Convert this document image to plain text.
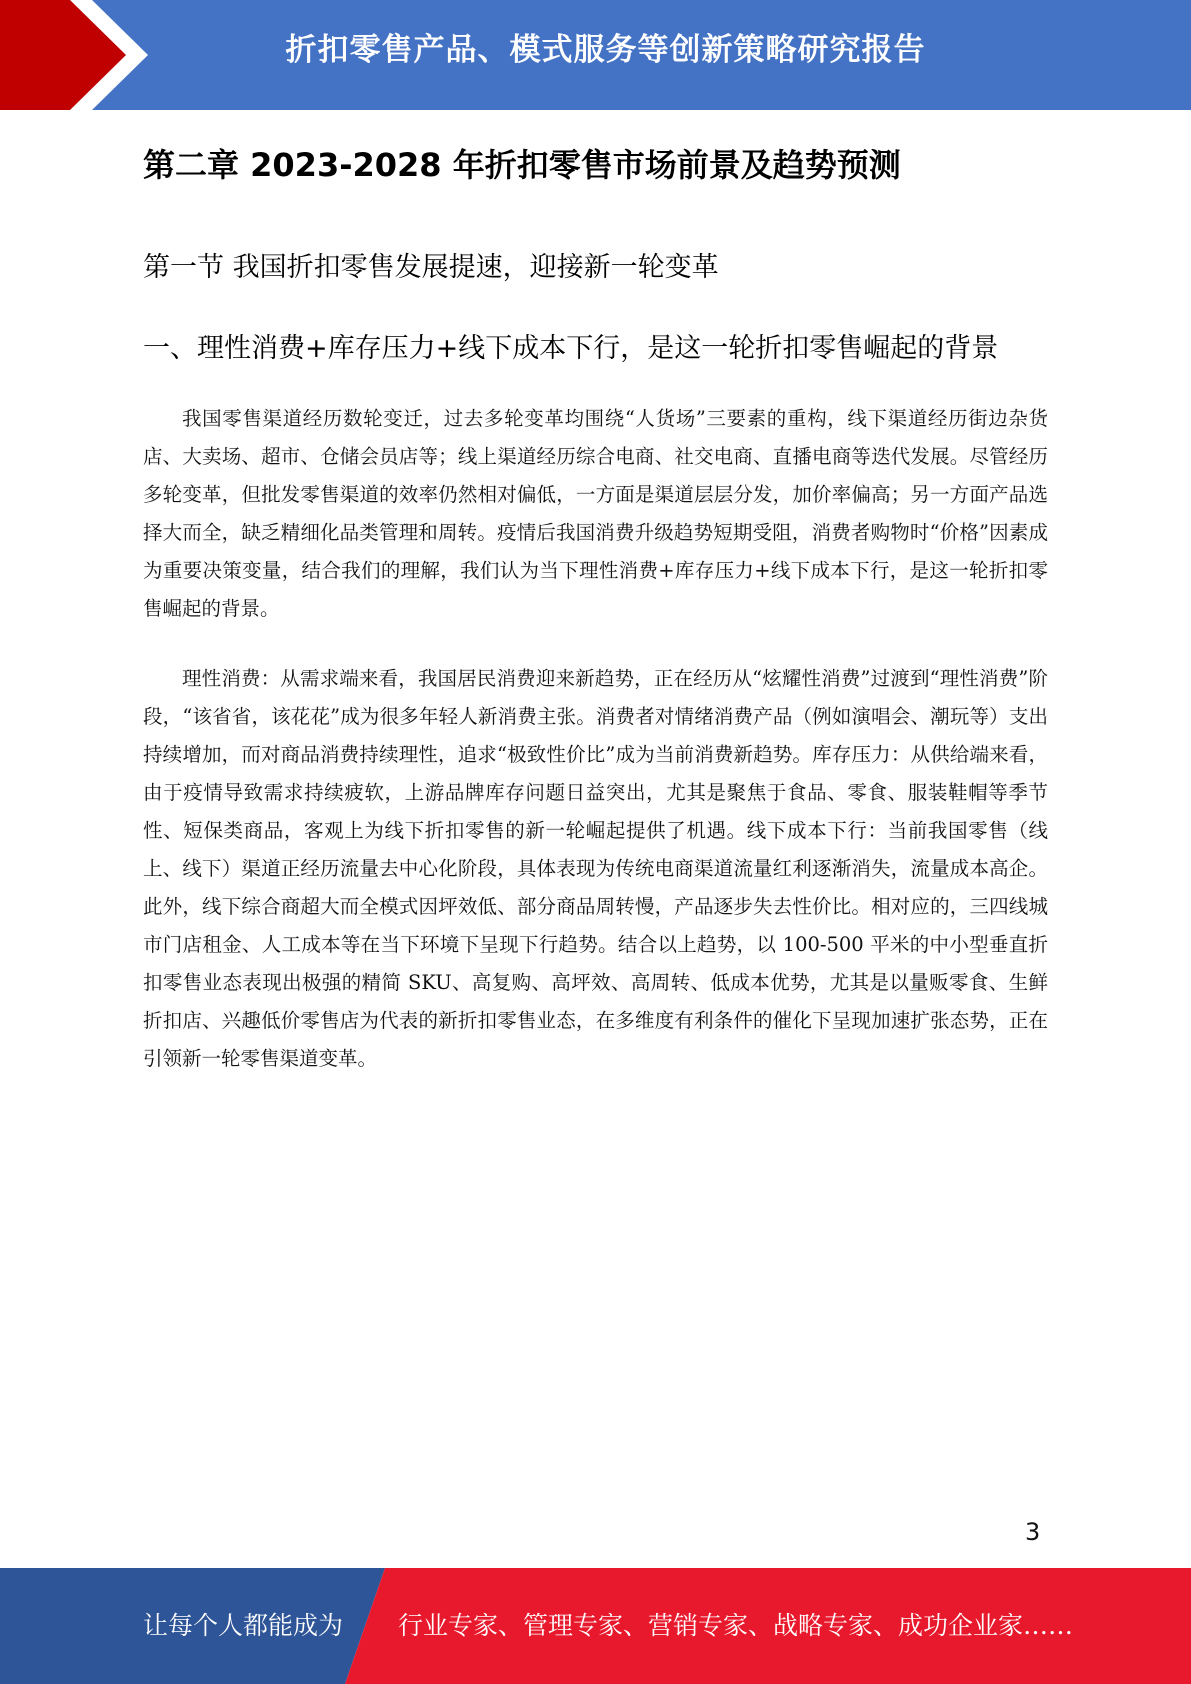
折扣零售产品、模式服务等创新策略研究报告
第二章 2023-2028 年折扣零售市场前景及趋势预测
第一节 我国折扣零售发展提速，迎接新一轮变革
一、理性消费+库存压力+线下成本下行，是这一轮折扣零售崛起的背景

我国零售渠道经历数轮变迁，过去多轮变革均围绕“人货场”三要素的重构，线下渠道经历街边杂货店、大卖场、超市、仓储会员店等；线上渠道经历综合电商、社交电商、直播电商等迭代发展。尽管经历多轮变革，但批发零售渠道的效率仍然相对偏低，一方面是渠道层层分发，加价率偏高；另一方面产品选择大而全，缺乏精细化品类管理和周转。疫情后我国消费升级趋势短期受阻，消费者购物时“价格”因素成为重要决策变量，结合我们的理解，我们认为当下理性消费+库存压力+线下成本下行，是这一轮折扣零售崛起的背景。

理性消费：从需求端来看，我国居民消费迎来新趋势，正在经历从“炫耀性消费”过渡到“理性消费”阶段，“该省省，该花花”成为很多年轻人新消费主张。消费者对情绪消费产品（例如演唱会、潮玩等）支出持续增加，而对商品消费持续理性，追求“极致性价比”成为当前消费新趋势。库存压力：从供给端来看，由于疫情导致需求持续疲软，上游品牌库存问题日益突出，尤其是聚焦于食品、零食、服装鞋帽等季节性、短保类商品，客观上为线下折扣零售的新一轮崛起提供了机遇。线下成本下行：当前我国零售（线上、线下）渠道正经历流量去中心化阶段，具体表现为传统电商渠道流量红利逐渐消失，流量成本高企。此外，线下综合商超大而全模式因坪效低、部分商品周转慢，产品逐步失去性价比。相对应的，三四线城市门店租金、人工成本等在当下环境下呈现下行趋势。结合以上趋势，以 100-500 平米的中小型垂直折扣零售业态表现出极强的精简 SKU、高复购、高坪效、高周转、低成本优势，尤其是以量贩零食、生鲜折扣店、兴趣低价零售店为代表的新折扣零售业态，在多维度有利条件的催化下呈现加速扩张态势，正在引领新一轮零售渠道变革。

3
让每个人都能成为 行业专家、管理专家、营销专家、战略专家、成功企业家……
